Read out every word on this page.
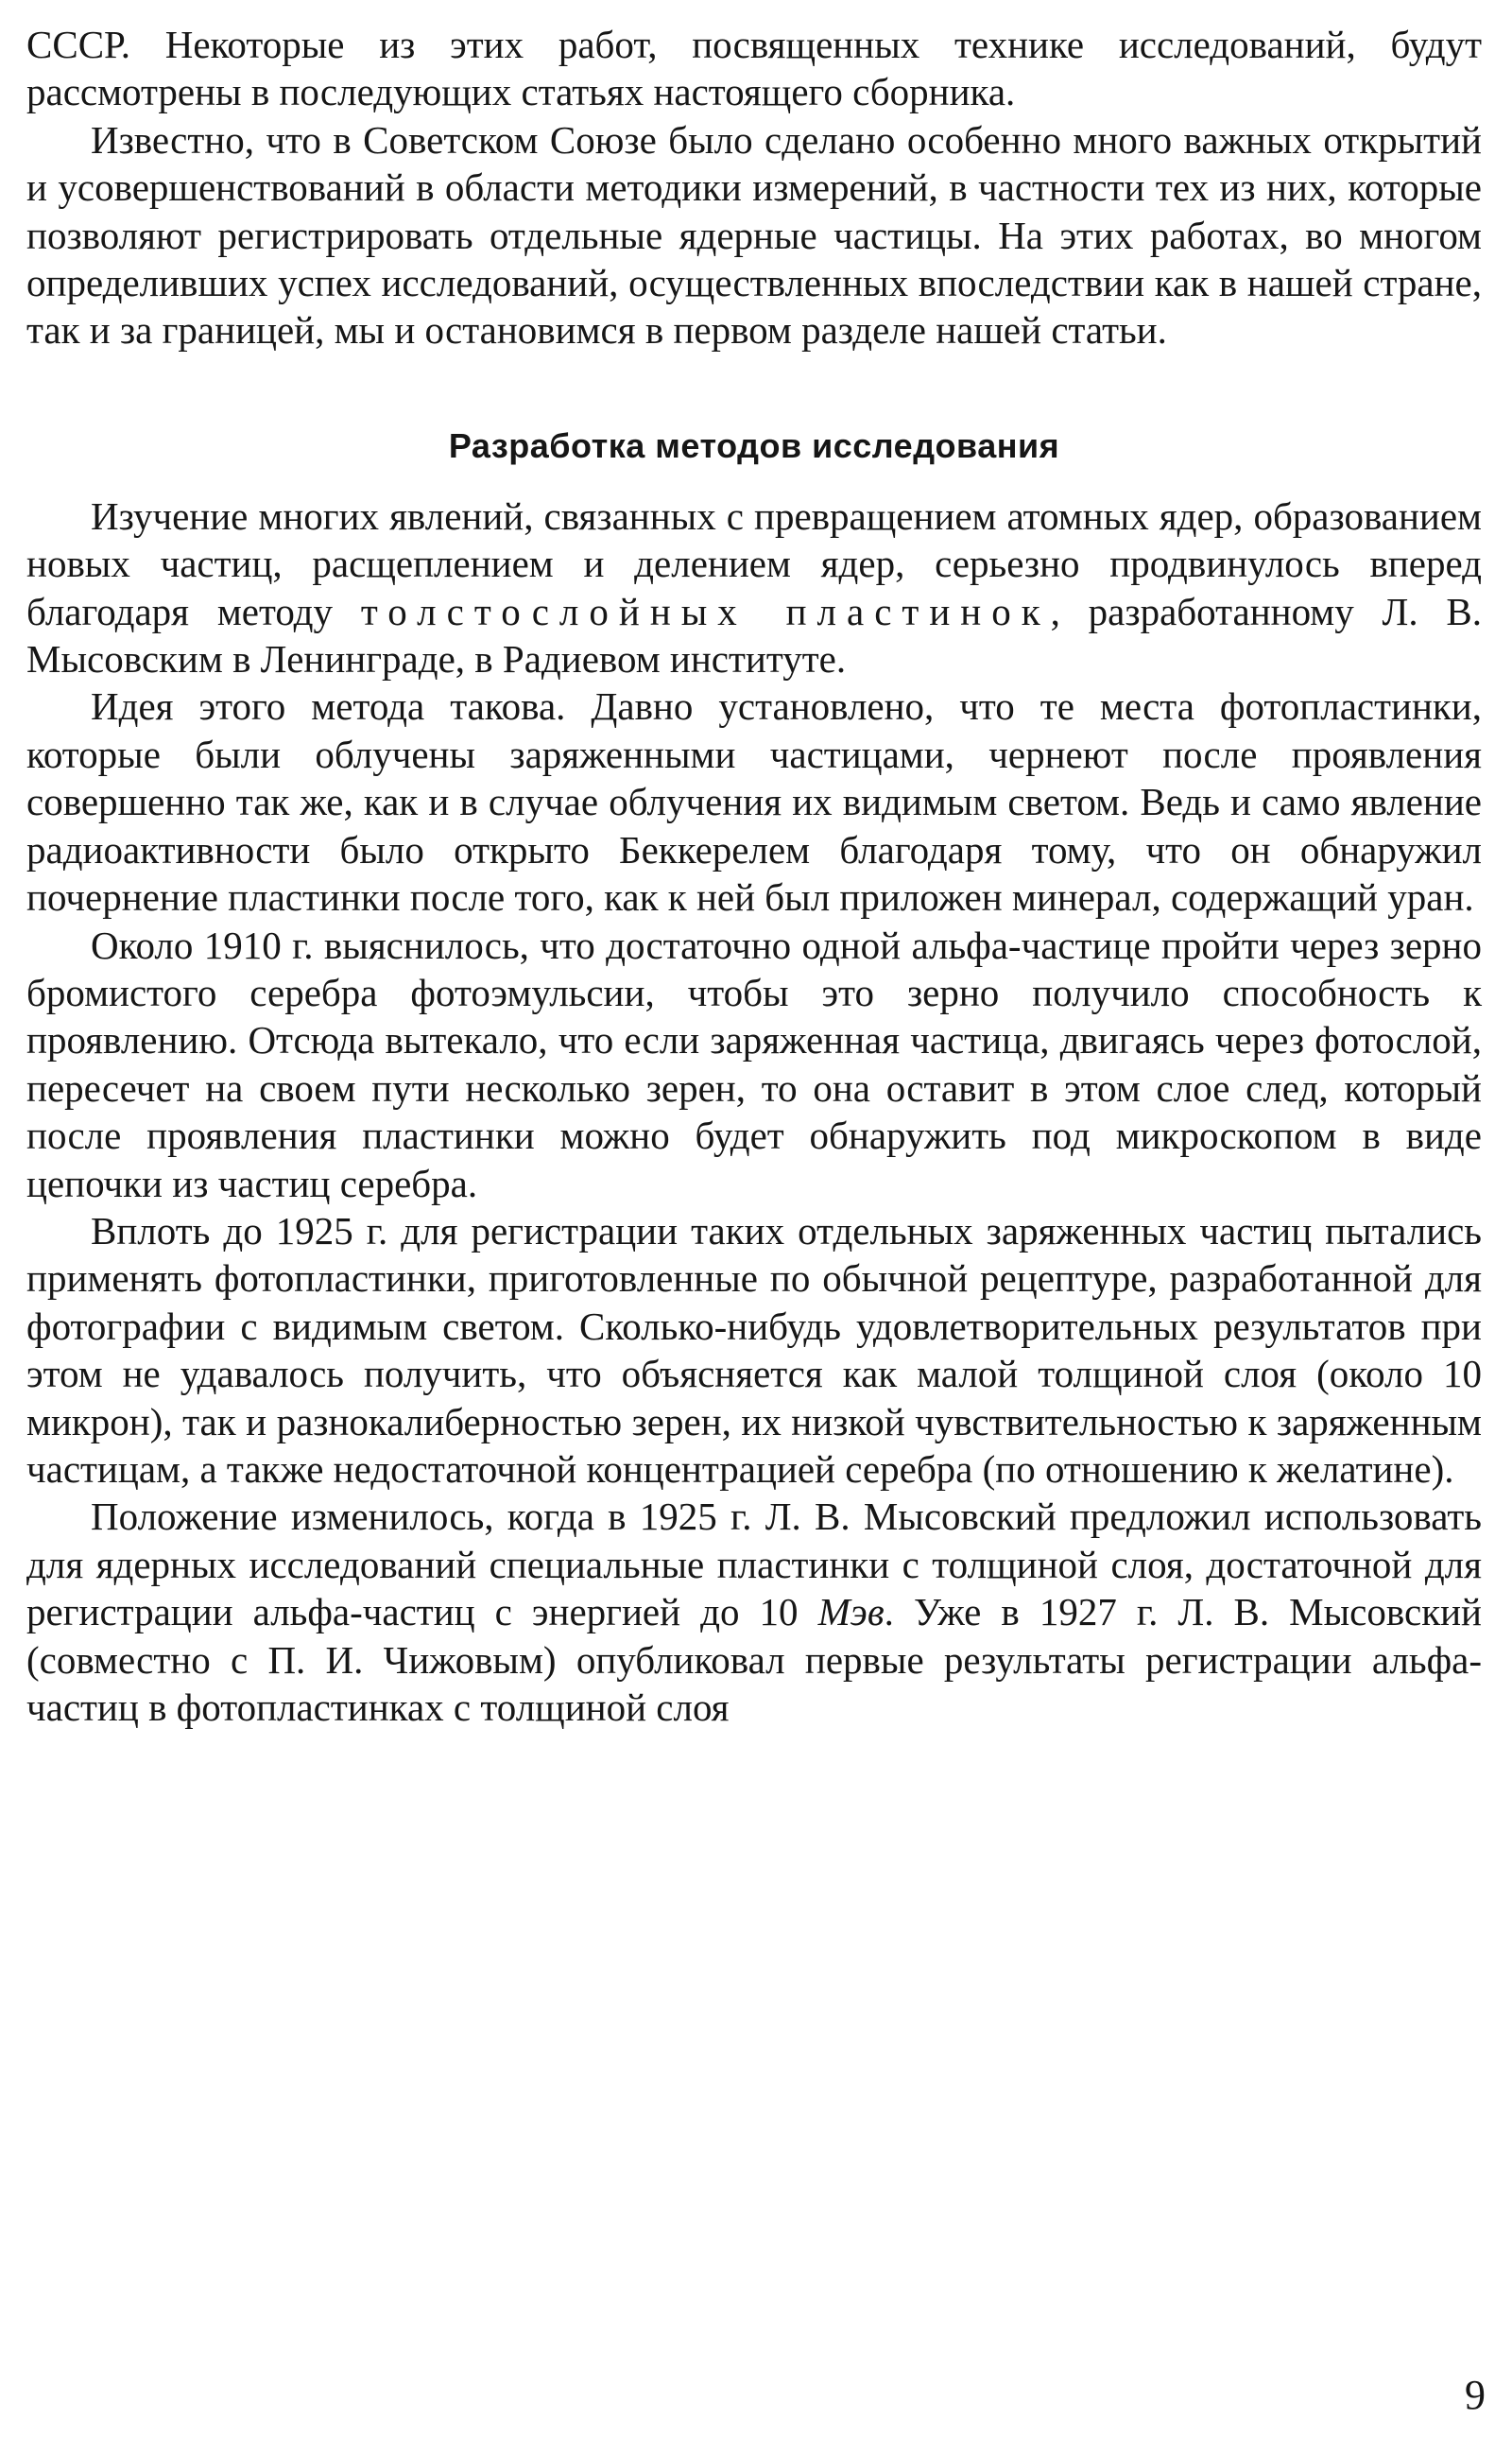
СССР. Некоторые из этих работ, посвященных технике исследований, будут рассмотрены в последующих статьях настоящего сборника.

Известно, что в Советском Союзе было сделано особенно много важных открытий и усовершенствований в области методики измерений, в частности тех из них, которые позволяют регистрировать отдельные ядерные частицы. На этих работах, во многом определивших успех исследований, осуществленных впоследствии как в нашей стране, так и за границей, мы и остановимся в первом разделе нашей статьи.

Разработка методов исследования

Изучение многих явлений, связанных с превращением атомных ядер, образованием новых частиц, расщеплением и делением ядер, серьезно продвинулось вперед благодаря методу толстослойных пластинок, разработанному Л. В. Мысовским в Ленинграде, в Радиевом институте.

Идея этого метода такова. Давно установлено, что те места фотопластинки, которые были облучены заряженными частицами, чернеют после проявления совершенно так же, как и в случае облучения их видимым светом. Ведь и само явление радиоактивности было открыто Беккерелем благодаря тому, что он обнаружил почернение пластинки после того, как к ней был приложен минерал, содержащий уран.

Около 1910 г. выяснилось, что достаточно одной альфа-частице пройти через зерно бромистого серебра фотоэмульсии, чтобы это зерно получило способность к проявлению. Отсюда вытекало, что если заряженная частица, двигаясь через фотослой, пересечет на своем пути несколько зерен, то она оставит в этом слое след, который после проявления пластинки можно будет обнаружить под микроскопом в виде цепочки из частиц серебра.

Вплоть до 1925 г. для регистрации таких отдельных заряженных частиц пытались применять фотопластинки, приготовленные по обычной рецептуре, разработанной для фотографии с видимым светом. Сколько-нибудь удовлетворительных результатов при этом не удавалось получить, что объясняется как малой толщиной слоя (около 10 микрон), так и разнокалиберностью зерен, их низкой чувствительностью к заряженным частицам, а также недостаточной концентрацией серебра (по отношению к желатине).

Положение изменилось, когда в 1925 г. Л. В. Мысовский предложил использовать для ядерных исследований специальные пластинки с толщиной слоя, достаточной для регистрации альфа-частиц с энергией до 10 Мэв. Уже в 1927 г. Л. В. Мысовский (совместно с П. И. Чижовым) опубликовал первые результаты регистрации альфа-частиц в фотопластинках с толщиной слоя

9
